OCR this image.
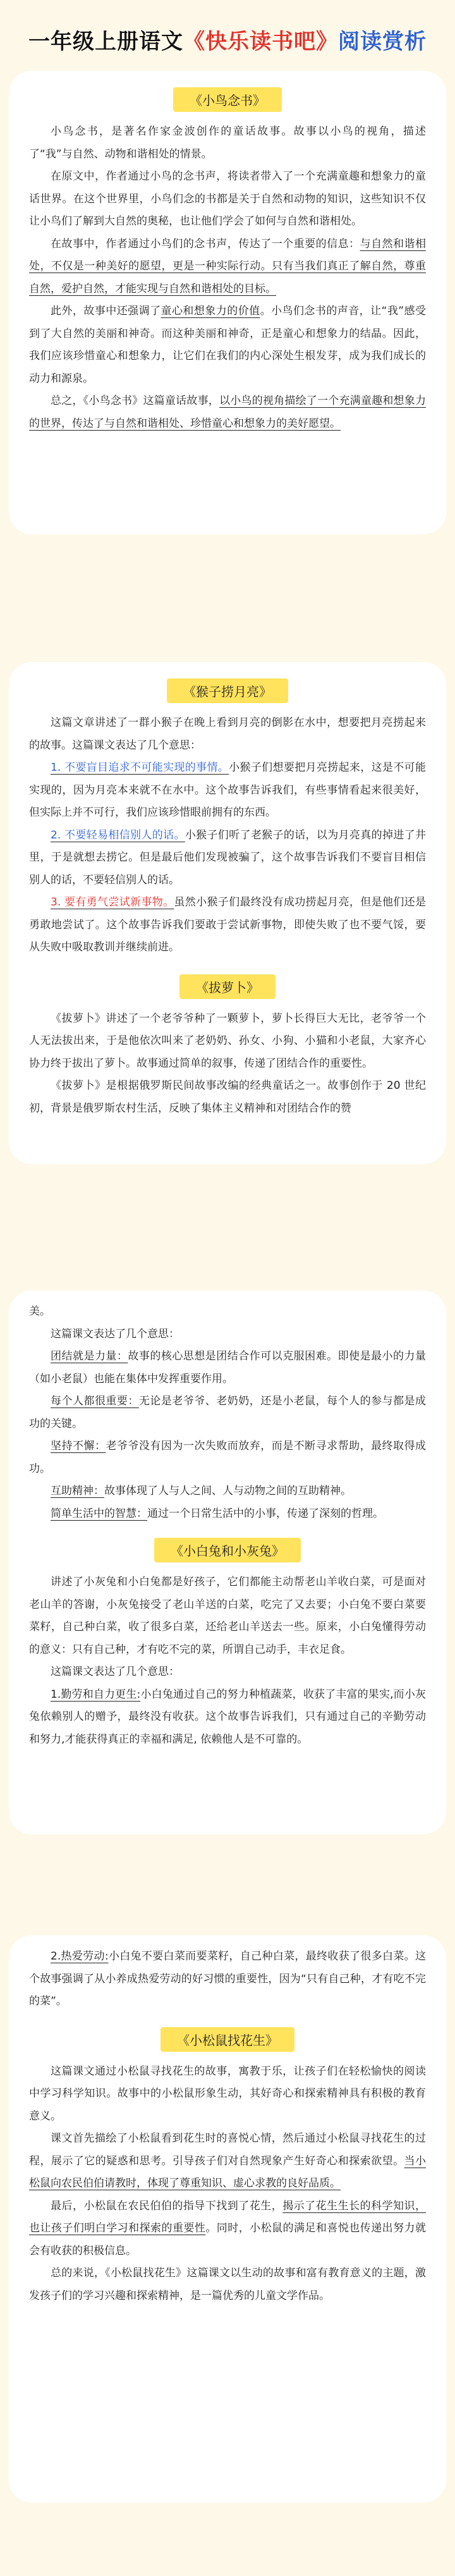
一年级上册语文《快乐读书吧》阅读赏析
《小鸟念书》

小鸟念书，是著名作家金波创作的童话故事。故事以小鸟的视角，描述了“我”与自然、动物和谐相处的情景。

在原文中，作者通过小鸟的念书声，将读者带入了一个充满童趣和想象力的童话世界。在这个世界里，小鸟们念的书都是关于自然和动物的知识，这些知识不仅让小鸟们了解到大自然的奥秘，也让他们学会了如何与自然和谐相处。

在故事中，作者通过小鸟们的念书声，传达了一个重要的信息：与自然和谐相处，不仅是一种美好的愿望，更是一种实际行动。只有当我们真正了解自然，尊重自然，爱护自然，才能实现与自然和谐相处的目标。

此外，故事中还强调了童心和想象力的价值。小鸟们念书的声音，让“我”感受到了大自然的美丽和神奇。而这种美丽和神奇，正是童心和想象力的结晶。因此，我们应该珍惜童心和想象力，让它们在我们的内心深处生根发芽，成为我们成长的动力和源泉。

总之，《小鸟念书》这篇童话故事，以小鸟的视角描绘了一个充满童趣和想象力的世界，传达了与自然和谐相处、珍惜童心和想象力的美好愿望。

《猴子捞月亮》

这篇文章讲述了一群小猴子在晚上看到月亮的倒影在水中，想要把月亮捞起来的故事。这篇课文表达了几个意思：

1. 不要盲目追求不可能实现的事情。小猴子们想要把月亮捞起来，这是不可能实现的，因为月亮本来就不在水中。这个故事告诉我们，有些事情看起来很美好，但实际上并不可行，我们应该珍惜眼前拥有的东西。

2. 不要轻易相信别人的话。小猴子们听了老猴子的话，以为月亮真的掉进了井里，于是就想去捞它。但是最后他们发现被骗了，这个故事告诉我们不要盲目相信别人的话，不要轻信别人的话。

3. 要有勇气尝试新事物。虽然小猴子们最终没有成功捞起月亮，但是他们还是勇敢地尝试了。这个故事告诉我们要敢于尝试新事物，即使失败了也不要气馁，要从失败中吸取教训并继续前进。

《拔萝卜》

《拔萝卜》讲述了一个老爷爷种了一颗萝卜，萝卜长得巨大无比，老爷爷一个人无法拔出来，于是他依次叫来了老奶奶、孙女、小狗、小猫和小老鼠，大家齐心协力终于拔出了萝卜。故事通过简单的叙事，传递了团结合作的重要性。

《拔萝卜》是根据俄罗斯民间故事改编的经典童话之一。故事创作于 20 世纪初，背景是俄罗斯农村生活，反映了集体主义精神和对团结合作的赞

美。

这篇课文表达了几个意思：

团结就是力量：故事的核心思想是团结合作可以克服困难。即使是最小的力量（如小老鼠）也能在集体中发挥重要作用。

每个人都很重要：无论是老爷爷、老奶奶，还是小老鼠，每个人的参与都是成功的关键。

坚持不懈：老爷爷没有因为一次失败而放弃，而是不断寻求帮助，最终取得成功。

互助精神：故事体现了人与人之间、人与动物之间的互助精神。

简单生活中的智慧：通过一个日常生活中的小事，传递了深刻的哲理。

《小白兔和小灰兔》

讲述了小灰兔和小白兔都是好孩子，它们都能主动帮老山羊收白菜，可是面对老山羊的答谢，小灰兔接受了老山羊送的白菜，吃完了又去要；小白兔不要白菜要菜籽，自己种白菜，收了很多白菜，还给老山羊送去一些。原来，小白兔懂得劳动的意义：只有自己种，才有吃不完的菜，所谓自己动手，丰衣足食。

这篇课文表达了几个意思：

1.勤劳和自力更生:小白兔通过自己的努力种植蔬菜，收获了丰富的果实,而小灰兔依赖别人的赠予，最终没有收获。这个故事告诉我们，只有通过自己的辛勤劳动和努力,才能获得真正的幸福和满足, 依赖他人是不可靠的。

2.热爱劳动:小白兔不要白菜而要菜籽，自己种白菜，最终收获了很多白菜。这个故事强调了从小养成热爱劳动的好习惯的重要性，因为“只有自己种，才有吃不完的菜”。

《小松鼠找花生》

这篇课文通过小松鼠寻找花生的故事，寓教于乐，让孩子们在轻松愉快的阅读中学习科学知识。故事中的小松鼠形象生动，其好奇心和探索精神具有积极的教育意义。

课文首先描绘了小松鼠看到花生时的喜悦心情，然后通过小松鼠寻找花生的过程，展示了它的疑惑和思考。引导孩子们对自然现象产生好奇心和探索欲望。当小松鼠向农民伯伯请教时，体现了尊重知识、虚心求教的良好品质。

最后，小松鼠在农民伯伯的指导下找到了花生，揭示了花生生长的科学知识，也让孩子们明白学习和探索的重要性。同时，小松鼠的满足和喜悦也传递出努力就会有收获的积极信息。

总的来说，《小松鼠找花生》这篇课文以生动的故事和富有教育意义的主题，激发孩子们的学习兴趣和探索精神，是一篇优秀的儿童文学作品。
